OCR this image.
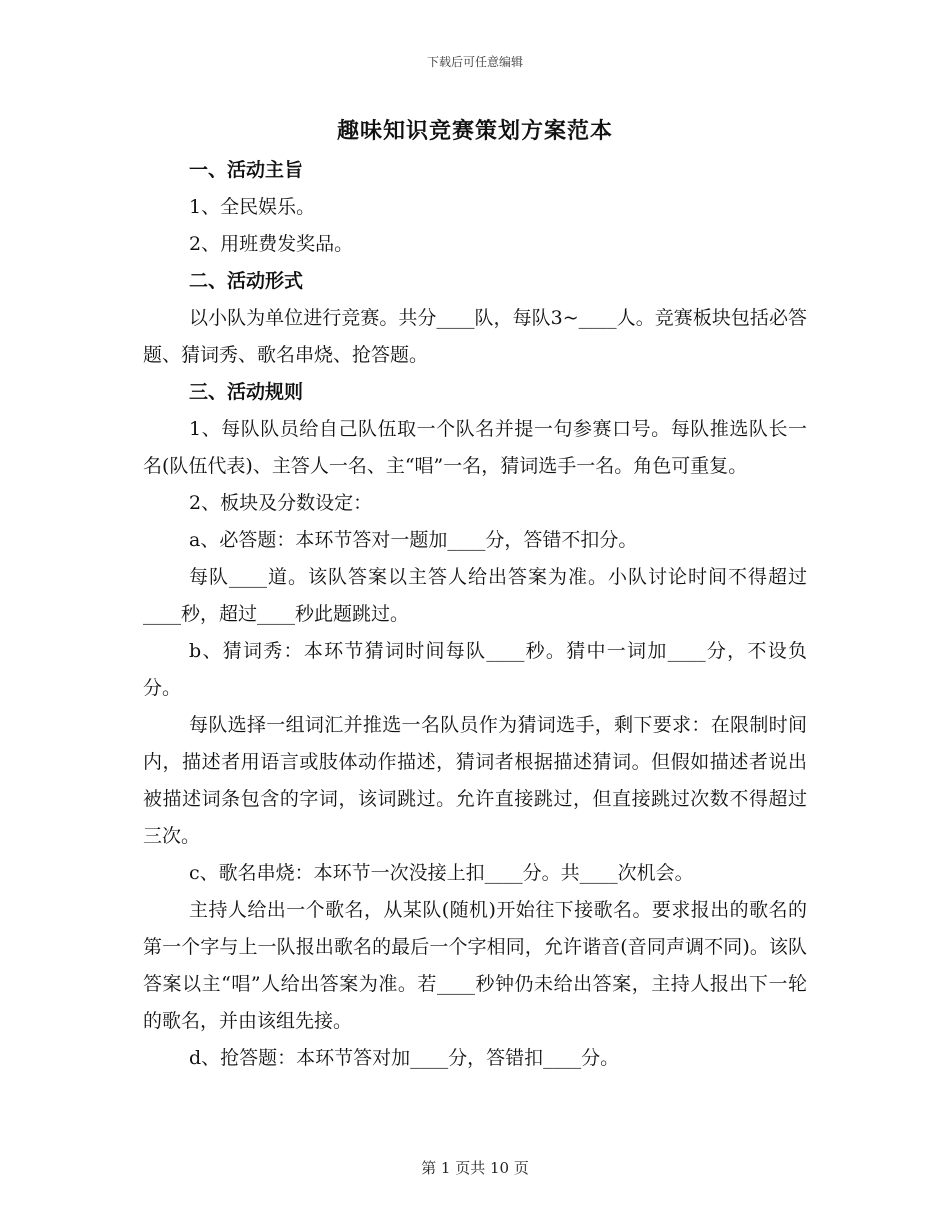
下载后可任意编辑
趣味知识竞赛策划方案范本
一、活动主旨
1、全民娱乐。
2、用班费发奖品。
二、活动形式
以小队为单位进行竞赛。共分____队，每队3~____人。竞赛板块包括必答题、猜词秀、歌名串烧、抢答题。
三、活动规则
1、每队队员给自己队伍取一个队名并提一句参赛口号。每队推选队长一名(队伍代表)、主答人一名、主“唱”一名，猜词选手一名。角色可重复。
2、板块及分数设定：
a、必答题：本环节答对一题加____分，答错不扣分。
每队____道。该队答案以主答人给出答案为准。小队讨论时间不得超过____秒，超过____秒此题跳过。
b、猜词秀：本环节猜词时间每队____秒。猜中一词加____分，不设负分。
每队选择一组词汇并推选一名队员作为猜词选手，剩下要求：在限制时间内，描述者用语言或肢体动作描述，猜词者根据描述猜词。但假如描述者说出被描述词条包含的字词，该词跳过。允许直接跳过，但直接跳过次数不得超过三次。
c、歌名串烧：本环节一次没接上扣____分。共____次机会。
主持人给出一个歌名，从某队(随机)开始往下接歌名。要求报出的歌名的第一个字与上一队报出歌名的最后一个字相同，允许谐音(音同声调不同)。该队答案以主“唱”人给出答案为准。若____秒钟仍未给出答案，主持人报出下一轮的歌名，并由该组先接。
d、抢答题：本环节答对加____分，答错扣____分。
第 1 页共 10 页
